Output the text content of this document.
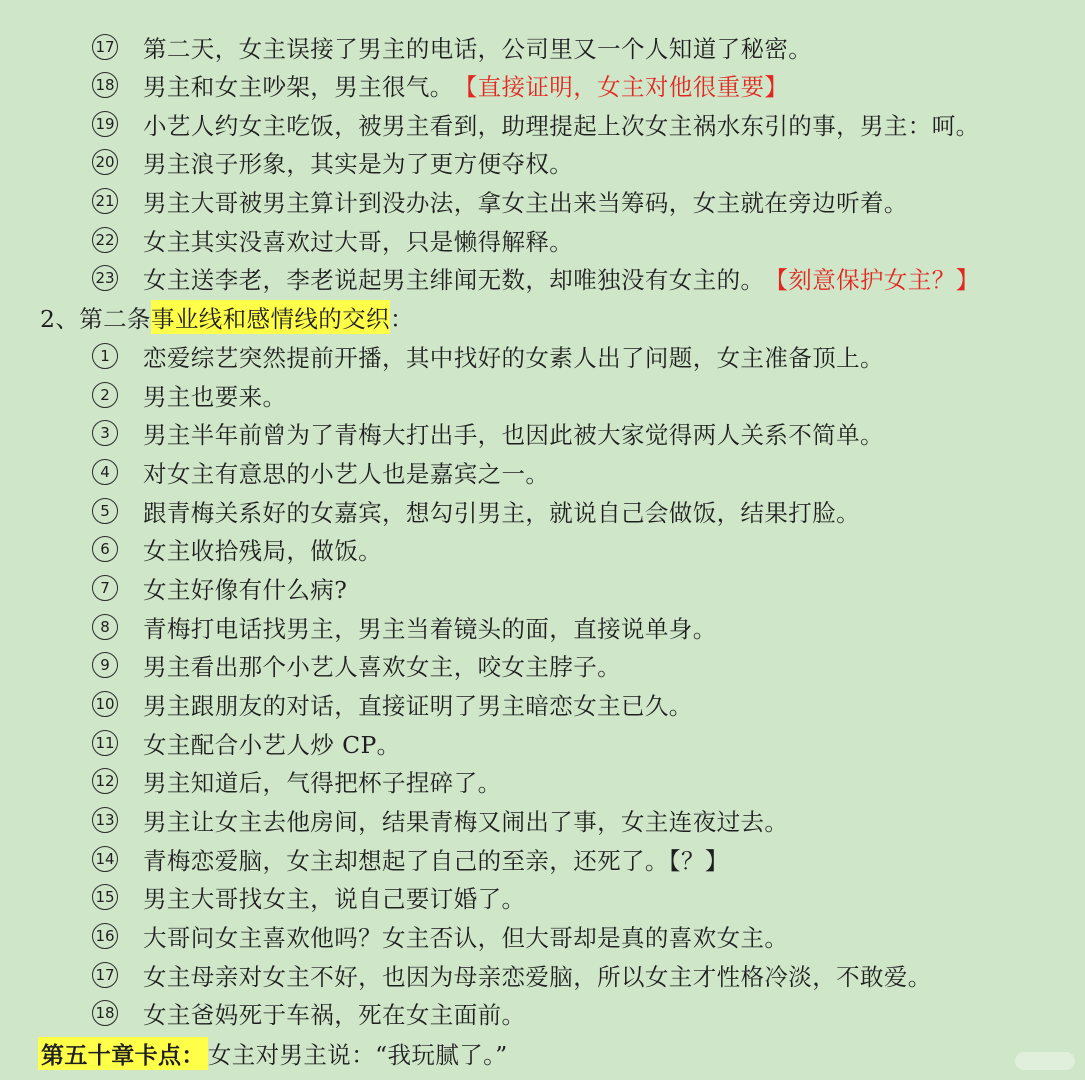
17 第二天，女主误接了男主的电话，公司里又一个人知道了秘密。
18 男主和女主吵架，男主很气。 【直接证明，女主对他很重要】
19 小艺人约女主吃饭，被男主看到，助理提起上次女主祸水东引的事，男主：呵。
20 男主浪子形象，其实是为了更方便夺权。
21 男主大哥被男主算计到没办法，拿女主出来当筹码，女主就在旁边听着。
22 女主其实没喜欢过大哥，只是懒得解释。
23 女主送李老，李老说起男主绯闻无数，却唯独没有女主的。 【刻意保护女主？】
2、第二条 事业线和感情线的交织 ：
1	恋爱综艺突然提前开播，其中找好的女素人出了问题，女主准备顶上。
2	男主也要来。
3	男主半年前曾为了青梅大打出手，也因此被大家觉得两人关系不简单。
4	对女主有意思的小艺人也是嘉宾之一。
5	跟青梅关系好的女嘉宾，想勾引男主，就说自己会做饭，结果打脸。
6	女主收拾残局，做饭。
7	女主好像有什么病?
8	青梅打电话找男主，男主当着镜头的面，直接说单身。
9	男主看出那个小艺人喜欢女主，咬女主脖子。
10 男主跟朋友的对话，直接证明了男主暗恋女主已久。
11 女主配合小艺人炒 CP。
12 男主知道后，气得把杯子捏碎了。
13 男主让女主去他房间，结果青梅又闹出了事，女主连夜过去。
14 青梅恋爱脑，女主却想起了自己的至亲，还死了。【？】
15 男主大哥找女主，说自己要订婚了。
16 大哥问女主喜欢他吗？女主否认，但大哥却是真的喜欢女主。
17 女主母亲对女主不好，也因为母亲恋爱脑，所以女主才性格冷淡，不敢爱。
18 女主爸妈死于车祸，死在女主面前。
第五十章卡点： 女主对男主说：“我玩腻了。”
